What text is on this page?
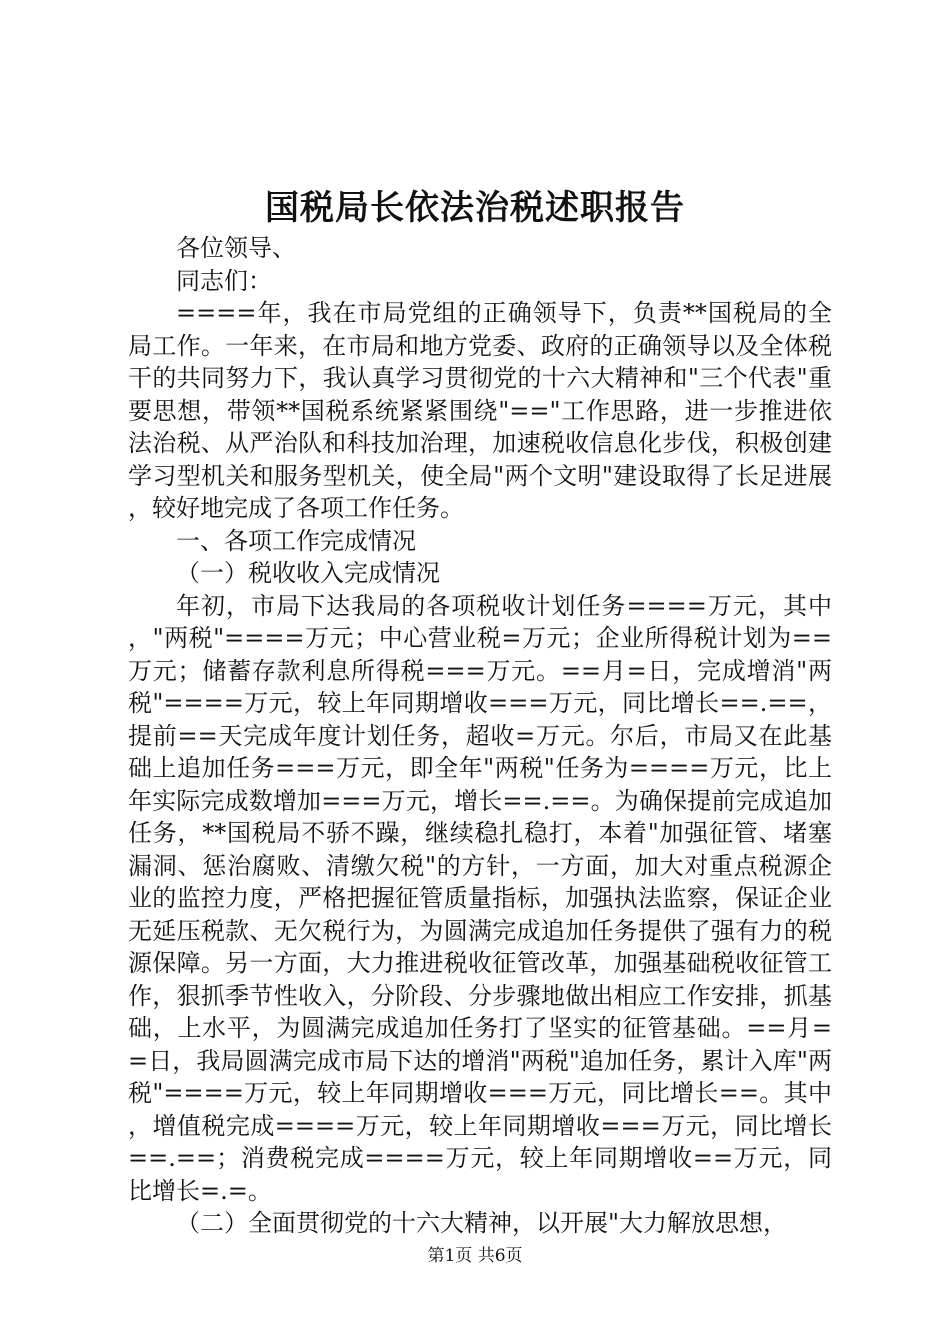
国税局长依法治税述职报告

各位领导、

同志们：

====年，我在市局党组的正确领导下，负责**国税局的全局工作。一年来，在市局和地方党委、政府的正确领导以及全体税干的共同努力下，我认真学习贯彻党的十六大精神和"三个代表"重要思想，带领**国税系统紧紧围绕"=="工作思路，进一步推进依法治税、从严治队和科技加治理，加速税收信息化步伐，积极创建学习型机关和服务型机关，使全局"两个文明"建设取得了长足进展，较好地完成了各项工作任务。

一、各项工作完成情况

（一）税收收入完成情况

年初，市局下达我局的各项税收计划任务====万元，其中，"两税"====万元；中心营业税=万元；企业所得税计划为==万元；储蓄存款利息所得税===万元。==月=日，完成增消"两税"====万元，较上年同期增收===万元，同比增长==.==，提前==天完成年度计划任务，超收=万元。尔后，市局又在此基础上追加任务===万元，即全年"两税"任务为====万元，比上年实际完成数增加===万元，增长==.==。为确保提前完成追加任务，**国税局不骄不躁，继续稳扎稳打，本着"加强征管、堵塞漏洞、惩治腐败、清缴欠税"的方针，一方面，加大对重点税源企业的监控力度，严格把握征管质量指标，加强执法监察，保证企业无延压税款、无欠税行为，为圆满完成追加任务提供了强有力的税源保障。另一方面，大力推进税收征管改革，加强基础税收征管工作，狠抓季节性收入，分阶段、分步骤地做出相应工作安排，抓基础，上水平，为圆满完成追加任务打了坚实的征管基础。==月==日，我局圆满完成市局下达的增消"两税"追加任务，累计入库"两税"====万元，较上年同期增收===万元，同比增长==。其中，增值税完成====万元，较上年同期增收===万元，同比增长==.==；消费税完成====万元，较上年同期增收==万元，同比增长=.=。

（二）全面贯彻党的十六大精神，以开展"大力解放思想，

第1页 共6页
